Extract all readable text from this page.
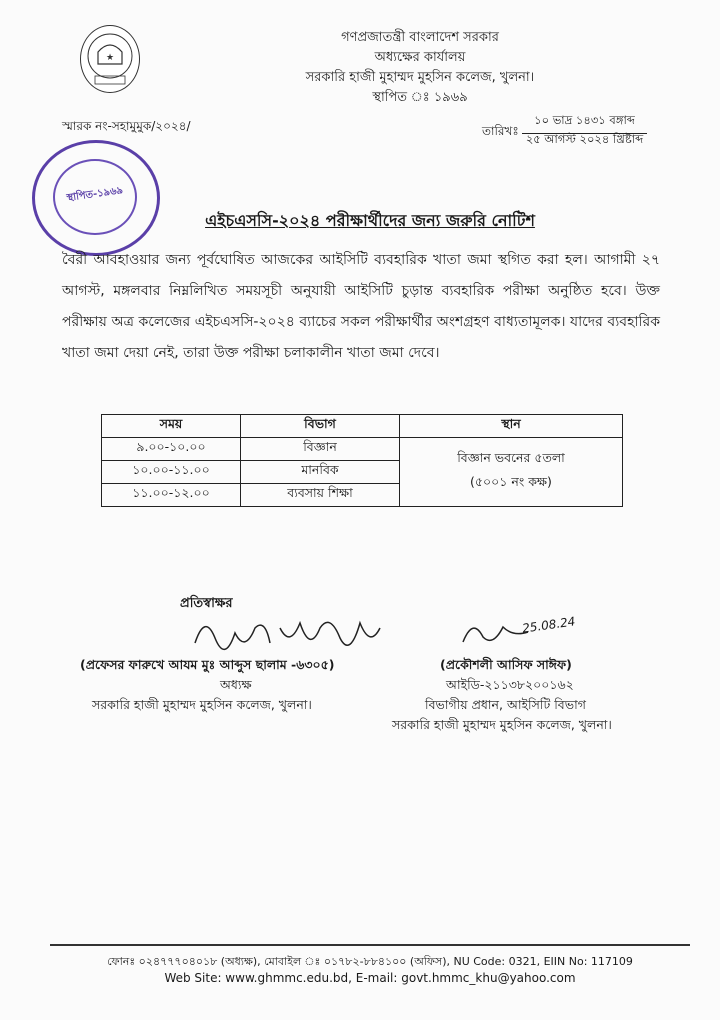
★
গণপ্রজাতন্ত্রী বাংলাদেশ সরকার
অধ্যক্ষের কার্যালয়
সরকারি হাজী মুহাম্মদ মুহসিন কলেজ, খুলনা।
স্থাপিত ঃ ১৯৬৯
স্মারক নং-সহামুমুক/২০২৪/	তারিখঃ
১০ ভাদ্র ১৪৩১ বঙ্গাব্দ
২৫ আগস্ট ২০২৪ খ্রিষ্টাব্দ
স্থাপিত-১৯৬৯
এইচএসসি-২০২৪ পরীক্ষার্থীদের জন্য জরুরি নোটিশ
বৈরী আবহাওয়ার জন্য পূর্বঘোষিত আজকের আইসিটি ব্যবহারিক খাতা জমা স্থগিত করা হল। আগামী ২৭ আগস্ট, মঙ্গলবার নিম্নলিখিত সময়সূচী অনুযায়ী আইসিটি চুড়ান্ত ব্যবহারিক পরীক্ষা অনুষ্ঠিত হবে। উক্ত পরীক্ষায় অত্র কলেজের এইচএসসি-২০২৪ ব্যাচের সকল পরীক্ষার্থীর অংশগ্রহণ বাধ্যতামূলক। যাদের ব্যবহারিক খাতা জমা দেয়া নেই, তারা উক্ত পরীক্ষা চলাকালীন খাতা জমা দেবে।
সময়	বিভাগ	স্থান
৯.০০-১০.০০	বিজ্ঞান	বিজ্ঞান ভবনের ৫তলা
(৫০০১ নং কক্ষ)

১০.০০-১১.০০	মানবিক	
১১.০০-১২.০০	ব্যবসায় শিক্ষা	
প্রতিস্বাক্ষর
(প্রফেসর ফারুখে আযম মুঃ আব্দুস ছালাম -৬৩০৫)
অধ্যক্ষ
সরকারি হাজী মুহাম্মদ মুহসিন কলেজ, খুলনা।
25.08.24
(প্রকৌশলী আসিফ সাঈফ)
আইডি-২১১৩৮২০০১৬২
বিভাগীয় প্রধান, আইসিটি বিভাগ
সরকারি হাজী মুহাম্মদ মুহসিন কলেজ, খুলনা।
ফোনঃ ০২৪৭৭৭০৪০১৮ (অধ্যক্ষ), মোবাইল ঃ ০১৭৮২-৮৮৪১০০ (অফিস), NU Code: 0321, EIIN No: 117109
Web Site: www.ghmmc.edu.bd, E-mail: govt.hmmc_khu@yahoo.com
